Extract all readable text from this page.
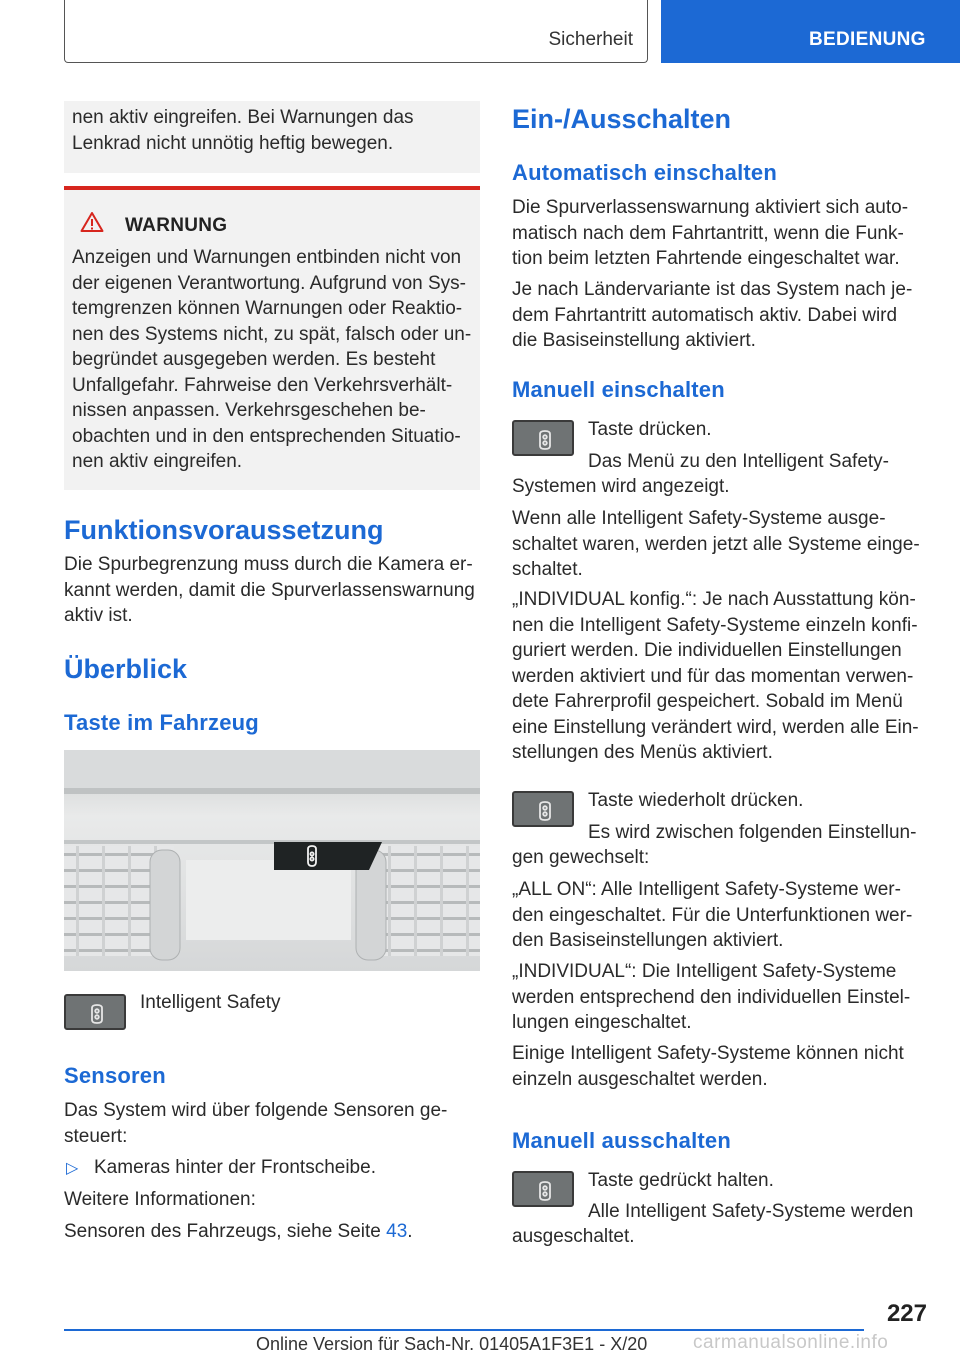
Sicherheit	BEDIENUNG

nen aktiv eingreifen. Bei Warnungen das Lenkrad nicht unnötig heftig bewegen.

WARNUNG

Anzeigen und Warnungen entbinden nicht von der eigenen Verantwortung. Aufgrund von Systemgrenzen können Warnungen oder Reaktionen des Systems nicht, zu spät, falsch oder unbegründet ausgegeben werden. Es besteht Unfallgefahr. Fahrweise den Verkehrsverhältnissen anpassen. Verkehrsgeschehen beobachten und in den entsprechenden Situationen aktiv eingreifen.

Funktionsvoraussetzung

Die Spurbegrenzung muss durch die Kamera erkannt werden, damit die Spurverlassenswarnung aktiv ist.

Überblick
Taste im Fahrzeug
Intelligent Safety
Sensoren

Das System wird über folgende Sensoren gesteuert:

▷ Kameras hinter der Frontscheibe.
Weitere Informationen:

Sensoren des Fahrzeugs, siehe Seite 43.

Ein-/Ausschalten
Automatisch einschalten

Die Spurverlassenswarnung aktiviert sich automatisch nach dem Fahrtantritt, wenn die Funktion beim letzten Fahrtende eingeschaltet war.

Je nach Ländervariante ist das System nach jedem Fahrtantritt automatisch aktiv. Dabei wird die Basiseinstellung aktiviert.

Manuell einschalten
Taste drücken.
Das Menü zu den Intelligent Safety-
Systemen wird angezeigt.

Wenn alle Intelligent Safety-Systeme ausgeschaltet waren, werden jetzt alle Systeme eingeschaltet.

„INDIVIDUAL konfig.“: Je nach Ausstattung können die Intelligent Safety-Systeme einzeln konfiguriert werden. Die individuellen Einstellungen werden aktiviert und für das momentan verwendete Fahrerprofil gespeichert. Sobald im Menü eine Einstellung verändert wird, werden alle Einstellungen des Menüs aktiviert.

Taste wiederholt drücken.
Es wird zwischen folgenden Einstellun-
gen gewechselt:

„ALL ON“: Alle Intelligent Safety-Systeme werden eingeschaltet. Für die Unterfunktionen werden Basiseinstellungen aktiviert.

„INDIVIDUAL“: Die Intelligent Safety-Systeme werden entsprechend den individuellen Einstellungen eingeschaltet.

Einige Intelligent Safety-Systeme können nicht einzeln ausgeschaltet werden.

Manuell ausschalten
Taste gedrückt halten.
Alle Intelligent Safety-Systeme werden
ausgeschaltet.
227
Online Version für Sach-Nr. 01405A1F3E1 - X/20 carmanualsonline.info
